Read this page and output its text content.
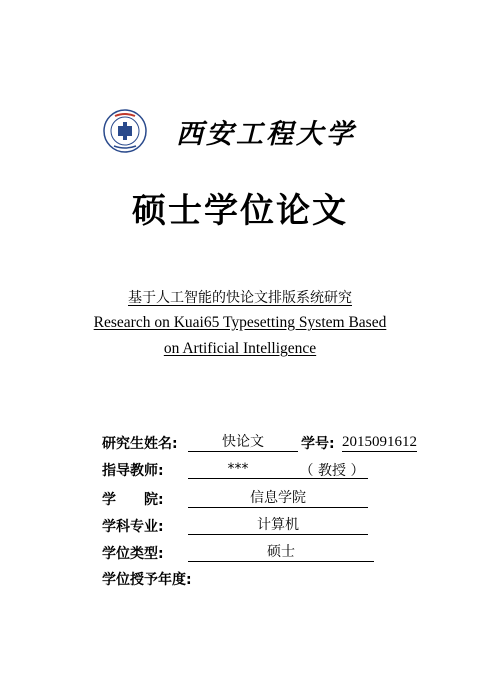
西安工程大学
硕士学位论文
基于人工智能的快论文排版系统研究
Research on Kuai65 Typesetting System Based
on Artificial Intelligence
研究生姓名:	快论文	学号: 2015091612
指导教师:	***	（ 教授 ）
学　　院:	信息学院
学科专业:	计算机
学位类型:	硕士
学位授予年度:
